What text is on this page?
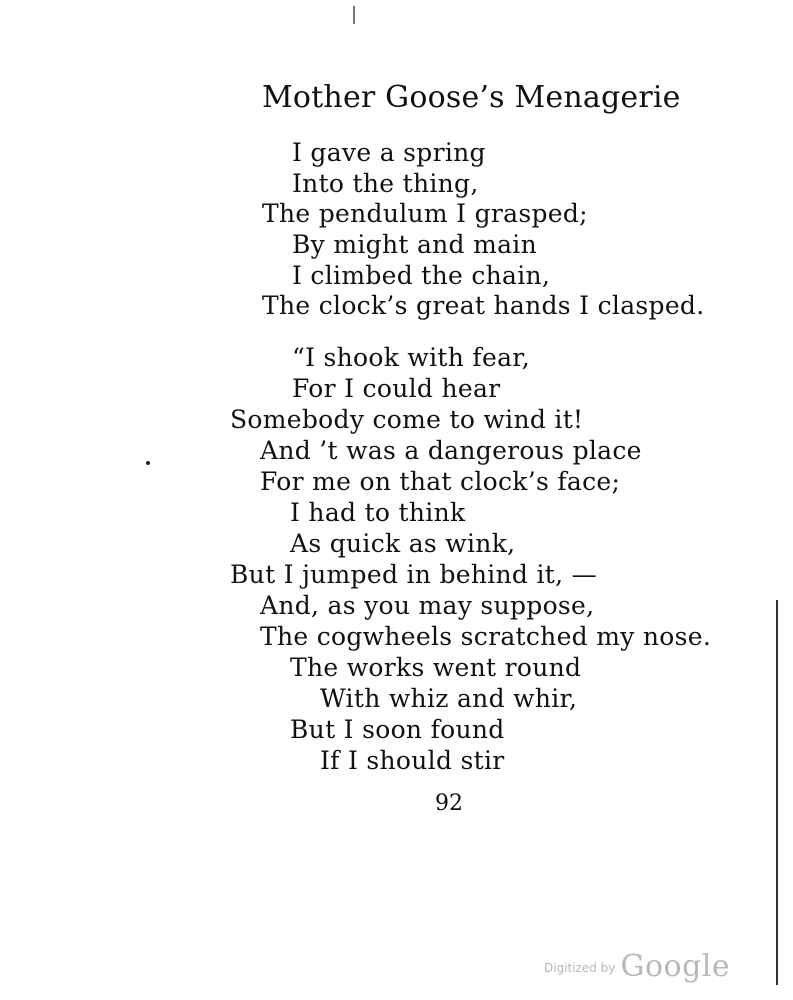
Mother Goose’s Menagerie
I gave a spring
Into the thing,
The pendulum I grasped;
By might and main
I climbed the chain,
The clock’s great hands I clasped.
“I shook with fear,
For I could hear
Somebody come to wind it!
And ’t was a dangerous place
For me on that clock’s face;
I had to think
As quick as wink,
But I jumped in behind it, —
And, as you may suppose,
The cogwheels scratched my nose.
The works went round
With whiz and whir,
But I soon found
If I should stir
92
$^{Digitized by}$ Google
